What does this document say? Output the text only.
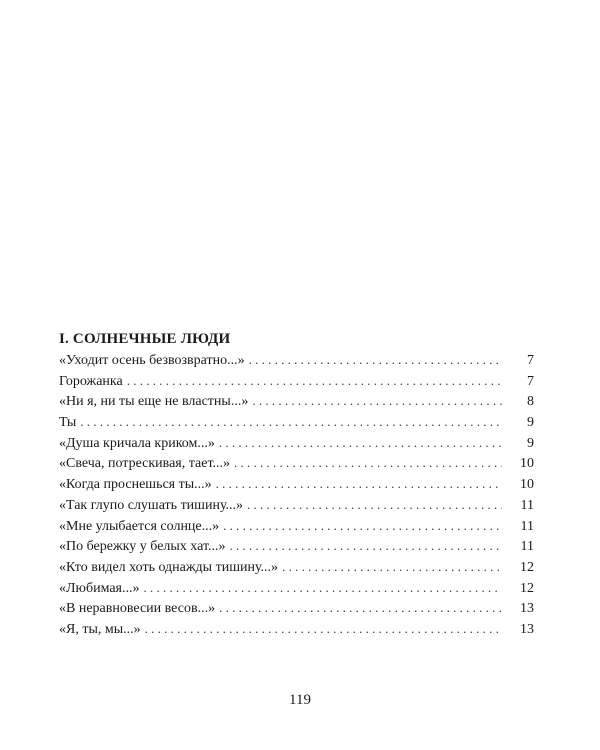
I. СОЛНЕЧНЫЕ ЛЮДИ
«Уходит осень безвозвратно...» . . .	7
Горожанка . . .	7
«Ни я, ни ты еще не властны...» . . .	8
Ты . . .	9
«Душа кричала криком...» . . .	9
«Свеча, потрескивая, тает...» . . .	10
«Когда проснешься ты...» . . .	10
«Так глупо слушать тишину...» . . .	11
«Мне улыбается солнце...» . . .	11
«По бережку у белых хат...» . . .	11
«Кто видел хоть однажды тишину...» . . .	12
«Любимая...» . . .	12
«В неравновесии весов...» . . .	13
«Я, ты, мы...» . . .	13
119
